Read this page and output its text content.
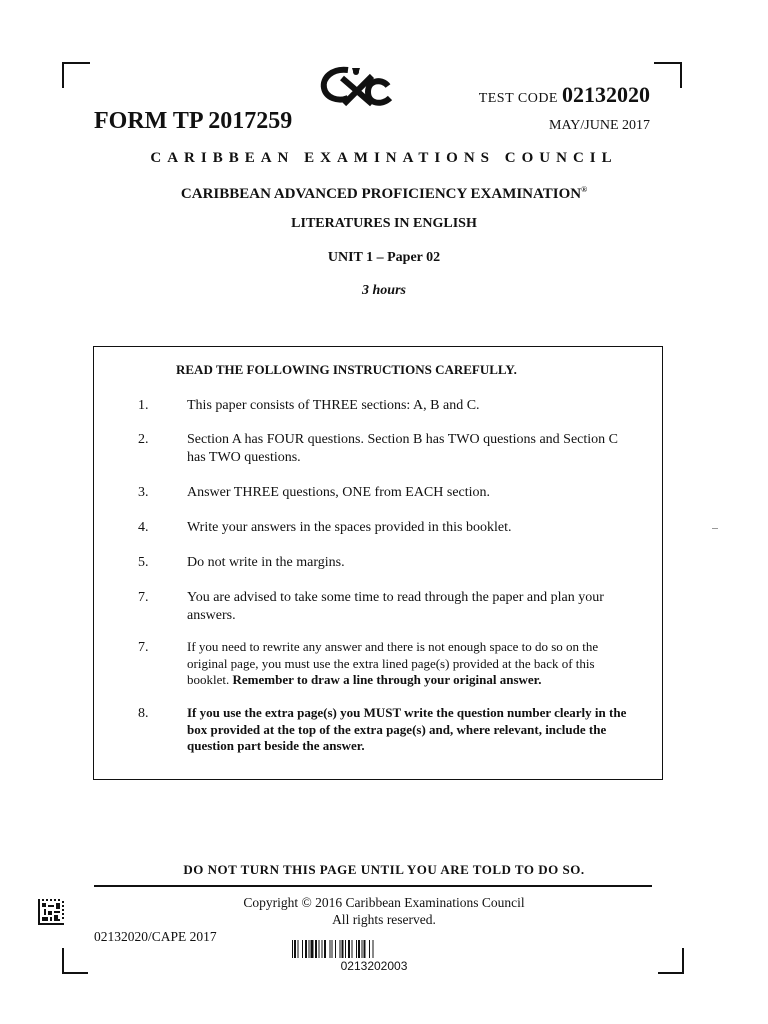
TEST CODE 02132020
FORM TP 2017259	MAY/JUNE 2017
CARIBBEAN EXAMINATIONS COUNCIL
CARIBBEAN ADVANCED PROFICIENCY EXAMINATION®
LITERATURES IN ENGLISH
UNIT 1 – Paper 02
3 hours
READ THE FOLLOWING INSTRUCTIONS CAREFULLY.
1.	This paper consists of THREE sections: A, B and C.
2.	Section A has FOUR questions. Section B has TWO questions and Section C has TWO questions.
3.	Answer THREE questions, ONE from EACH section.
4.	Write your answers in the spaces provided in this booklet.
5.	Do not write in the margins.
7.	You are advised to take some time to read through the paper and plan your answers.
7.	If you need to rewrite any answer and there is not enough space to do so on the original page, you must use the extra lined page(s) provided at the back of this booklet. Remember to draw a line through your original answer.
8.	If you use the extra page(s) you MUST write the question number clearly in the box provided at the top of the extra page(s) and, where relevant, include the question part beside the answer.
DO NOT TURN THIS PAGE UNTIL YOU ARE TOLD TO DO SO.
Copyright © 2016 Caribbean Examinations Council
All rights reserved.
02132020/CAPE 2017
0213202003
